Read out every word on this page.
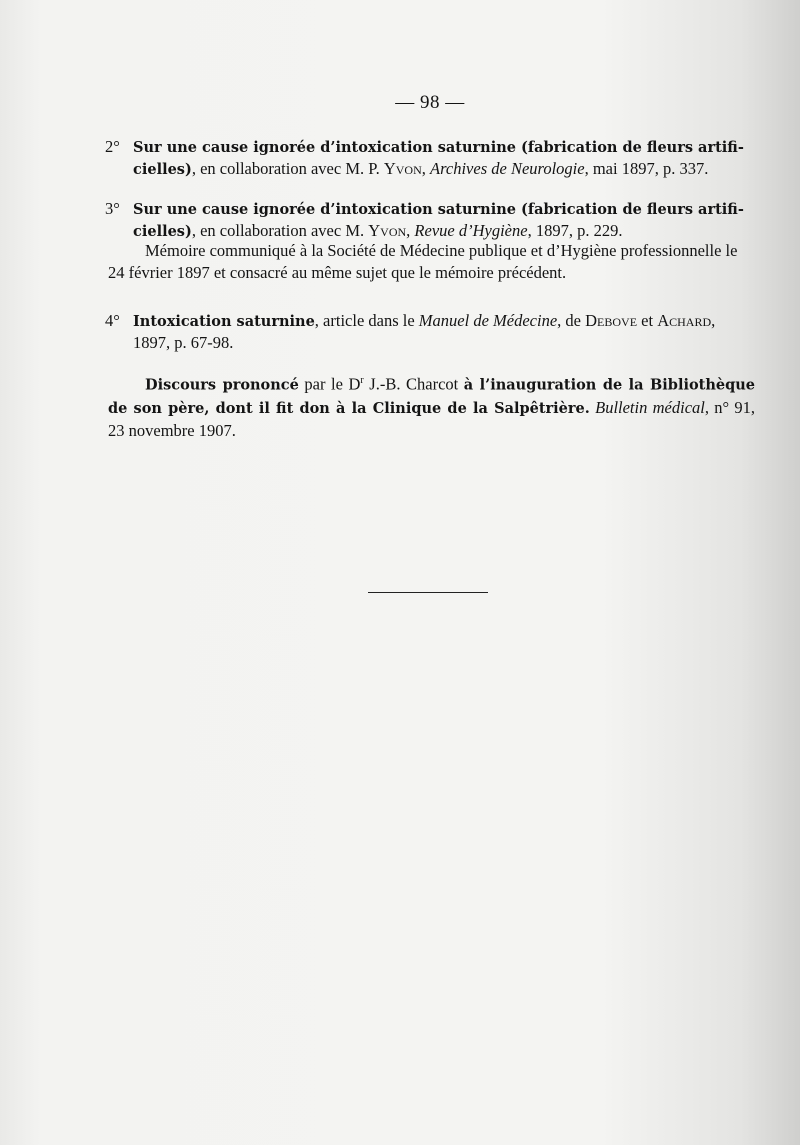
— 98 —
2° Sur une cause ignorée d’intoxication saturnine (fabrication de fleurs artifi-
cielles), en collaboration avec M. P. Yvon, Archives de Neurologie, mai 1897, p. 337.
3° Sur une cause ignorée d’intoxication saturnine (fabrication de fleurs artifi-
cielles), en collaboration avec M. Yvon, Revue d’Hygiène, 1897, p. 229.
Mémoire communiqué à la Société de Médecine publique et d’Hygiène professionnelle le 24 février 1897 et consacré au même sujet que le mémoire précédent.
4° Intoxication saturnine, article dans le Manuel de Médecine, de Debove et Achard,
1897, p. 67-98.
Discours prononcé par le $D^r$ J.-B. Charcot à l’inauguration de la Bibliothèque de son père, dont il fit don à la Clinique de la Salpêtrière. Bulletin médical, n° 91, 23 novembre 1907.
